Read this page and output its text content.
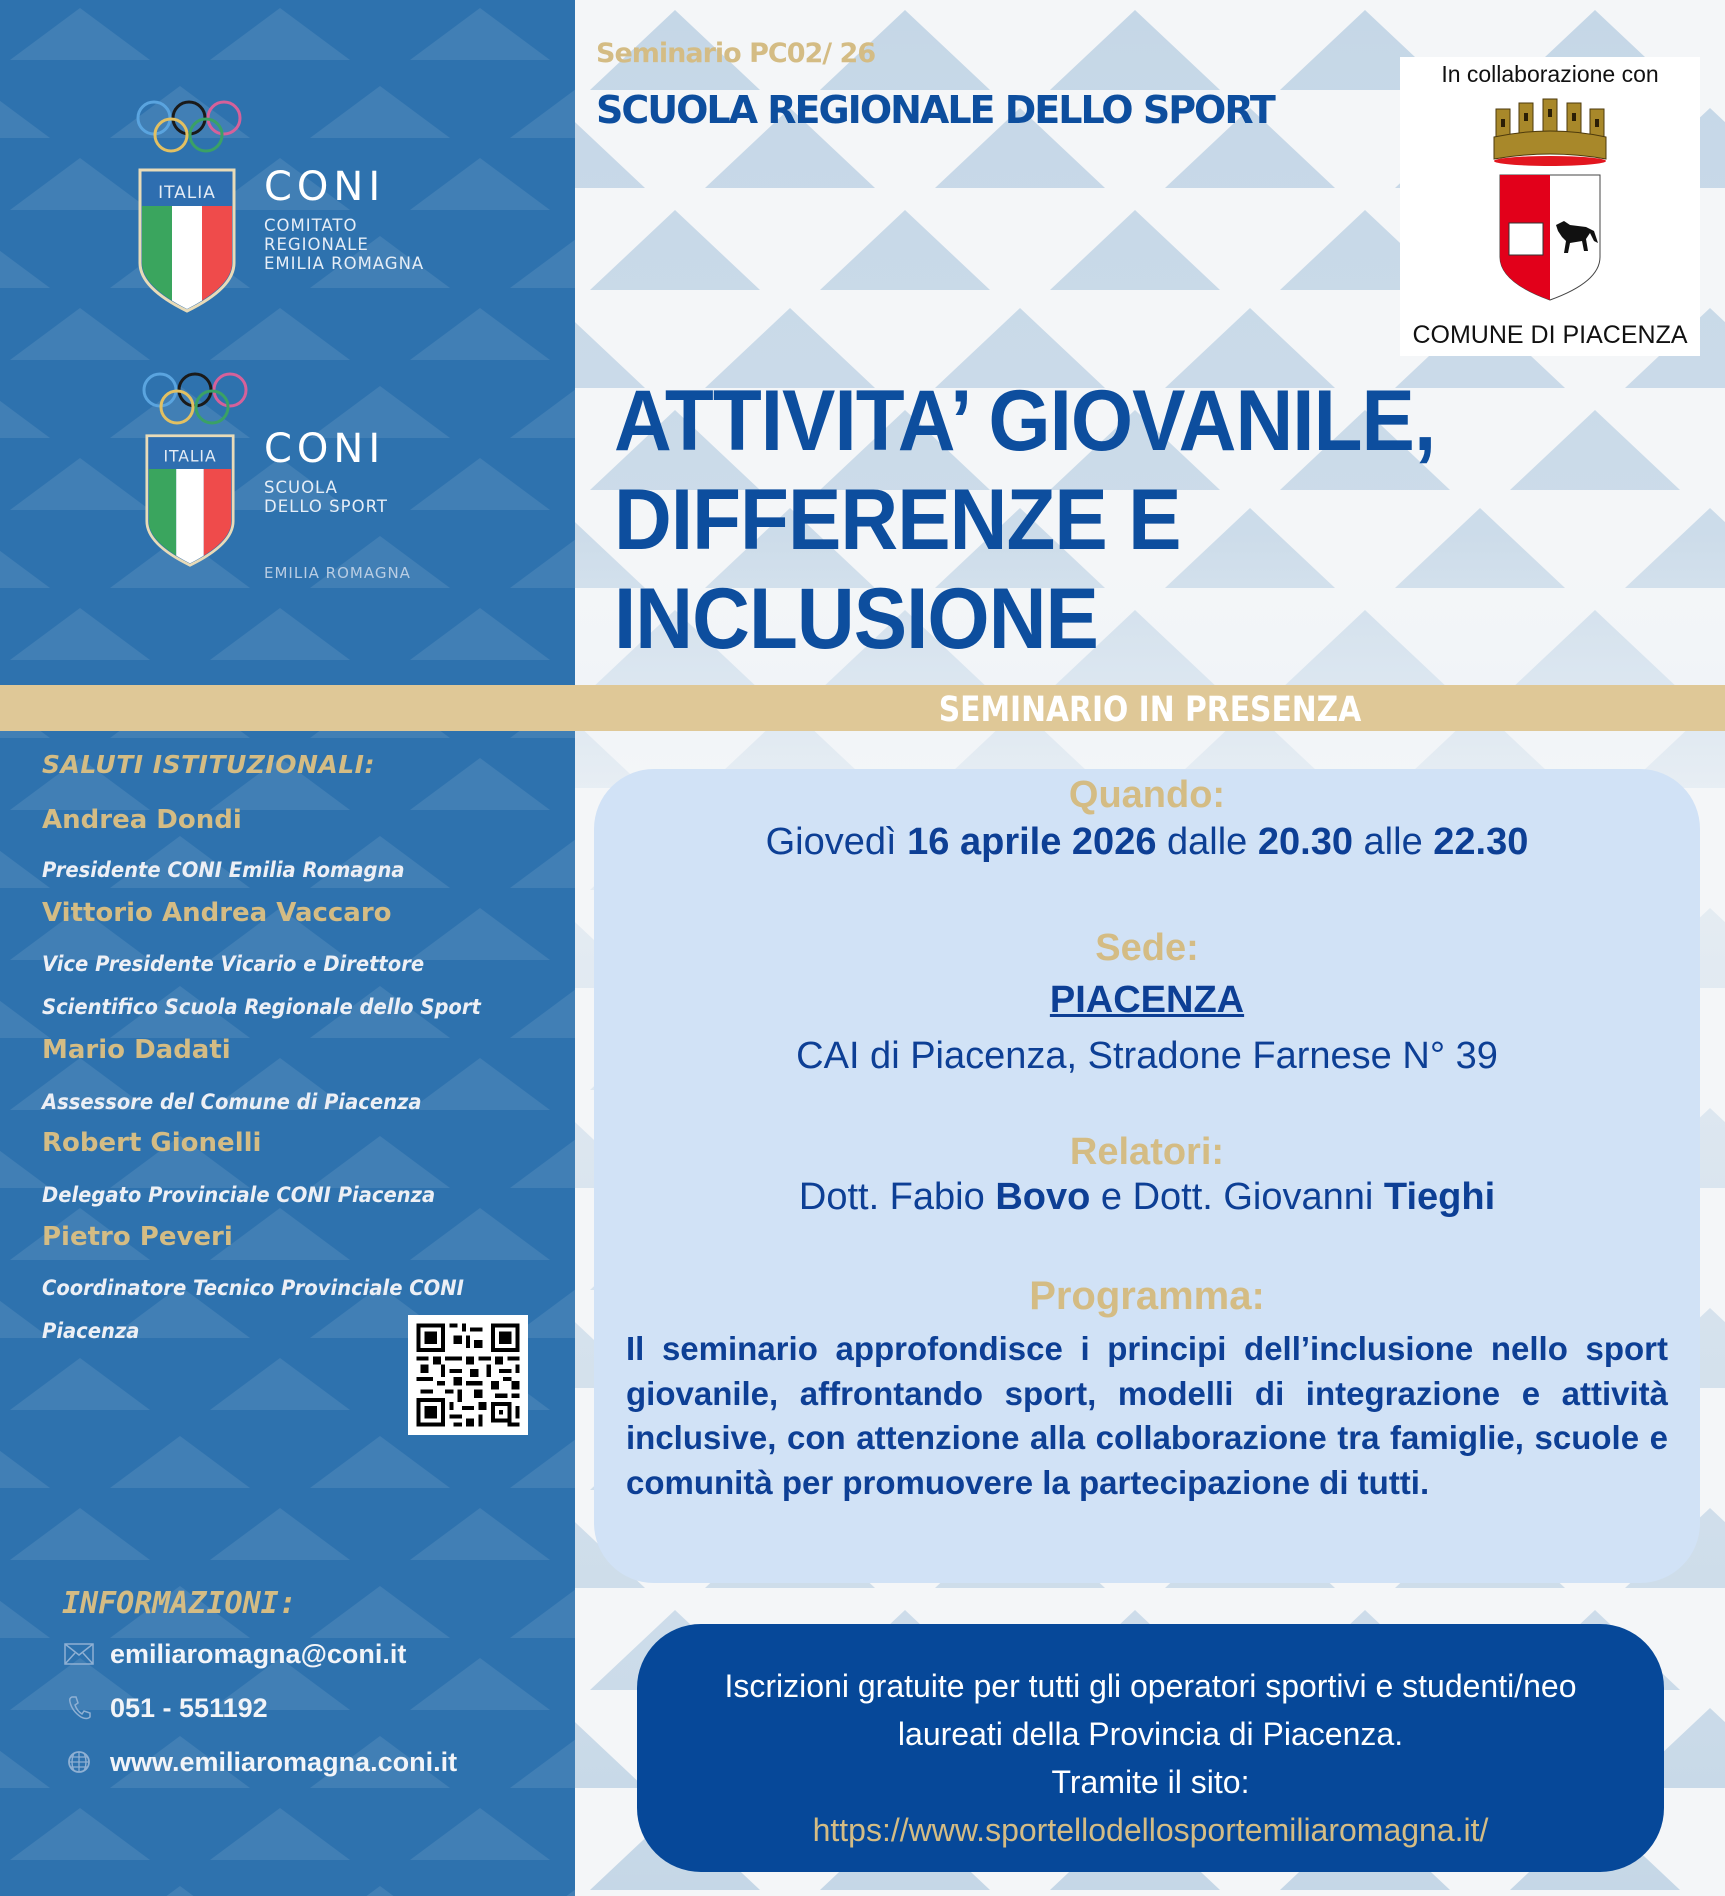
ITALIA CONI
COMITATO
REGIONALE
EMILIA ROMAGNA
ITALIA CONI
SCUOLA
DELLO SPORT
EMILIA ROMAGNA
Seminario PC02/ 26
SCUOLA REGIONALE DELLO SPORT
In collaborazione con
COMUNE DI PIACENZA
ATTIVITA’ GIOVANILE,
DIFFERENZE E
INCLUSIONE
SEMINARIO IN PRESENZA
SALUTI ISTITUZIONALI:
Andrea Dondi
Presidente CONI Emilia Romagna
Vittorio Andrea Vaccaro
Vice Presidente Vicario e Direttore
Scientifico Scuola Regionale dello Sport
Mario Dadati
Assessore del Comune di Piacenza
Robert Gionelli
Delegato Provinciale CONI Piacenza
Pietro Peveri
Coordinatore Tecnico Provinciale CONI
Piacenza
INFORMAZIONI:
emiliaromagna@coni.it
051 - 551192
www.emiliaromagna.coni.it
Quando:
Giovedì 16 aprile 2026 dalle 20.30 alle 22.30
Sede:
PIACENZA
CAI di Piacenza, Stradone Farnese N° 39
Relatori:
Dott. Fabio Bovo e Dott. Giovanni Tieghi
Programma:
Il seminario approfondisce i principi dell’inclusione nello sport giovanile, affrontando sport, modelli di integrazione e attività inclusive, con attenzione alla collaborazione tra famiglie, scuole e comunità per promuovere la partecipazione di tutti.
Iscrizioni gratuite per tutti gli operatori sportivi e studenti/neo
laureati della Provincia di Piacenza.
Tramite il sito:
https://www.sportellodellosportemiliaromagna.it/
